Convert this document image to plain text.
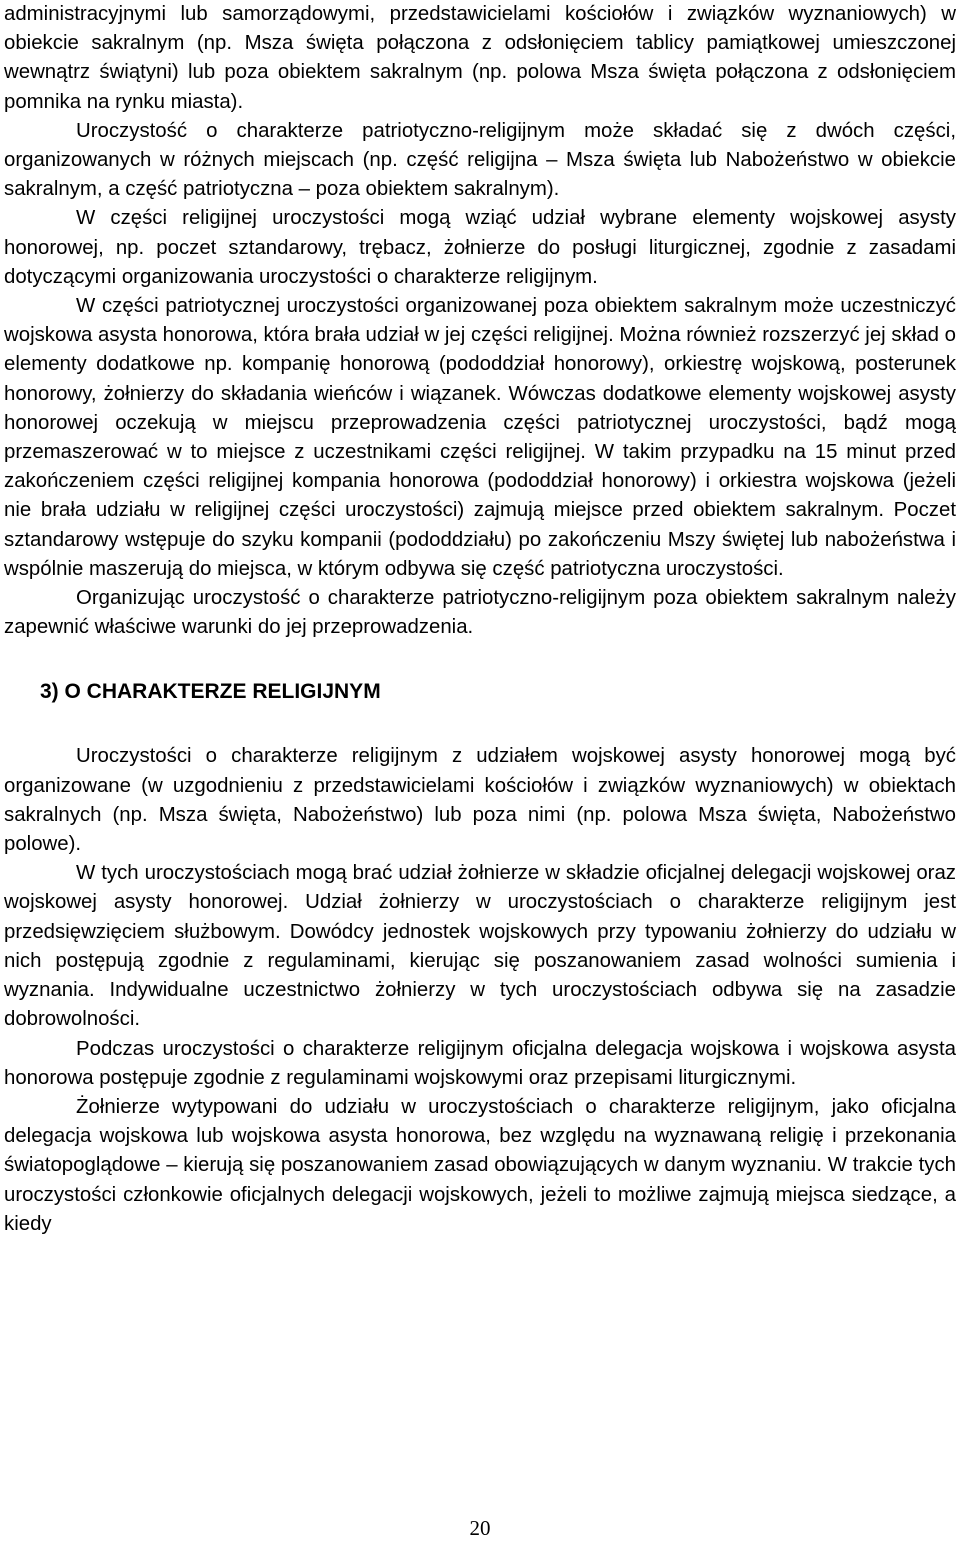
administracyjnymi lub samorządowymi, przedstawicielami kościołów i związków wyznaniowych) w obiekcie sakralnym (np. Msza święta połączona z odsłonięciem tablicy pamiątkowej umieszczonej wewnątrz świątyni) lub poza obiektem sakralnym (np. polowa Msza święta połączona z odsłonięciem pomnika na rynku miasta).

Uroczystość o charakterze patriotyczno-religijnym może składać się z dwóch części, organizowanych w różnych miejscach (np. część religijna – Msza święta lub Nabożeństwo w obiekcie sakralnym, a część patriotyczna – poza obiektem sakralnym).

W części religijnej uroczystości mogą wziąć udział wybrane elementy wojskowej asysty honorowej, np. poczet sztandarowy, trębacz, żołnierze do posługi liturgicznej, zgodnie z zasadami dotyczącymi organizowania uroczystości o charakterze religijnym.

W części patriotycznej uroczystości organizowanej poza obiektem sakralnym może uczestniczyć wojskowa asysta honorowa, która brała udział w jej części religijnej. Można również rozszerzyć jej skład o elementy dodatkowe np. kompanię honorową (pododdział honorowy), orkiestrę wojskową, posterunek honorowy, żołnierzy do składania wieńców i wiązanek. Wówczas dodatkowe elementy wojskowej asysty honorowej oczekują w miejscu przeprowadzenia części patriotycznej uroczystości, bądź mogą przemaszerować w to miejsce z uczestnikami części religijnej. W takim przypadku na 15 minut przed zakończeniem części religijnej kompania honorowa (pododdział honorowy) i orkiestra wojskowa (jeżeli nie brała udziału w religijnej części uroczystości) zajmują miejsce przed obiektem sakralnym. Poczet sztandarowy wstępuje do szyku kompanii (pododdziału) po zakończeniu Mszy świętej lub nabożeństwa i wspólnie maszerują do miejsca, w którym odbywa się część patriotyczna uroczystości.

Organizując uroczystość o charakterze patriotyczno-religijnym poza obiektem sakralnym należy zapewnić właściwe warunki do jej przeprowadzenia.

3) O CHARAKTERZE RELIGIJNYM

Uroczystości o charakterze religijnym z udziałem wojskowej asysty honorowej mogą być organizowane (w uzgodnieniu z przedstawicielami kościołów i związków wyznaniowych) w obiektach sakralnych (np. Msza święta, Nabożeństwo) lub poza nimi (np. polowa Msza święta, Nabożeństwo polowe).

W tych uroczystościach mogą brać udział żołnierze w składzie oficjalnej delegacji wojskowej oraz wojskowej asysty honorowej. Udział żołnierzy w uroczystościach o charakterze religijnym jest przedsięwzięciem służbowym. Dowódcy jednostek wojskowych przy typowaniu żołnierzy do udziału w nich postępują zgodnie z regulaminami, kierując się poszanowaniem zasad wolności sumienia i wyznania. Indywidualne uczestnictwo żołnierzy w tych uroczystościach odbywa się na zasadzie dobrowolności.

Podczas uroczystości o charakterze religijnym oficjalna delegacja wojskowa i wojskowa asysta honorowa postępuje zgodnie z regulaminami wojskowymi oraz przepisami liturgicznymi.

Żołnierze wytypowani do udziału w uroczystościach o charakterze religijnym, jako oficjalna delegacja wojskowa lub wojskowa asysta honorowa, bez względu na wyznawaną religię i przekonania światopoglądowe – kierują się poszanowaniem zasad obowiązujących w danym wyznaniu. W trakcie tych uroczystości członkowie oficjalnych delegacji wojskowych, jeżeli to możliwe zajmują miejsca siedzące, a kiedy

20
